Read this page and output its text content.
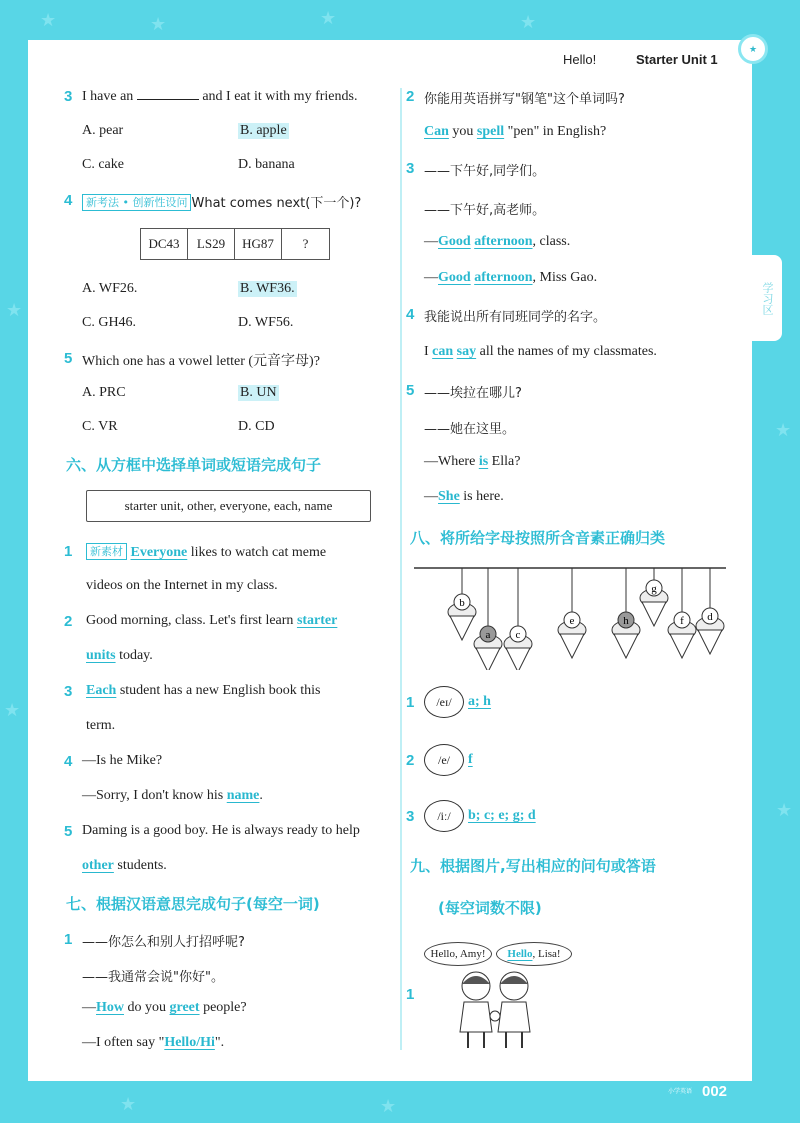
★	★	★	★
★
★
★
★
★	★
Hello!	Starter Unit 1
★
学习区
3 I have an	and I eat it with my friends.
A. pear	B. apple
C. cake	D. banana
4	新考法 • 创新性设问 What comes next(下一个)?
DC43	LS29	HG87	?
A. WF26.	B. WF36.
C. GH46.	D. WF56.
5 Which one has a vowel letter (元音字母)?
A. PRC	B. UN
C. VR	D. CD
六、从方框中选择单词或短语完成句子
starter unit, other, everyone, each, name
1	新素材 Everyone likes to watch cat meme
videos on the Internet in my class.
2 Good morning, class. Let's first learn starter
units today.
3 Each student has a new English book this
term.
4 —Is he Mike?
—Sorry, I don't know his name.
5 Daming is a good boy. He is always ready to help
other students.
七、根据汉语意思完成句子(每空一词)
1 ——你怎么和别人打招呼呢?
——我通常会说"你好"。
—How do you greet people?
—I often say "Hello/Hi".
2 你能用英语拼写"钢笔"这个单词吗?
Can you spell "pen" in English?
3 ——下午好,同学们。
——下午好,高老师。
—Good afternoon, class.
—Good afternoon, Miss Gao.
4 我能说出所有同班同学的名字。
I can say all the names of my classmates.
5 ——埃拉在哪儿?
——她在这里。
—Where is Ella?
—She is here.
八、将所给字母按照所含音素正确归类
b
a c
e	h
g
f d
1	/eɪ/	a; h
2	/e/	f
3	/iː/	b; c; e; g; d
九、根据图片,写出相应的问句或答语
(每空词数不限)
1
Hello, Amy!	Hello , Lisa!
小学英语 002
